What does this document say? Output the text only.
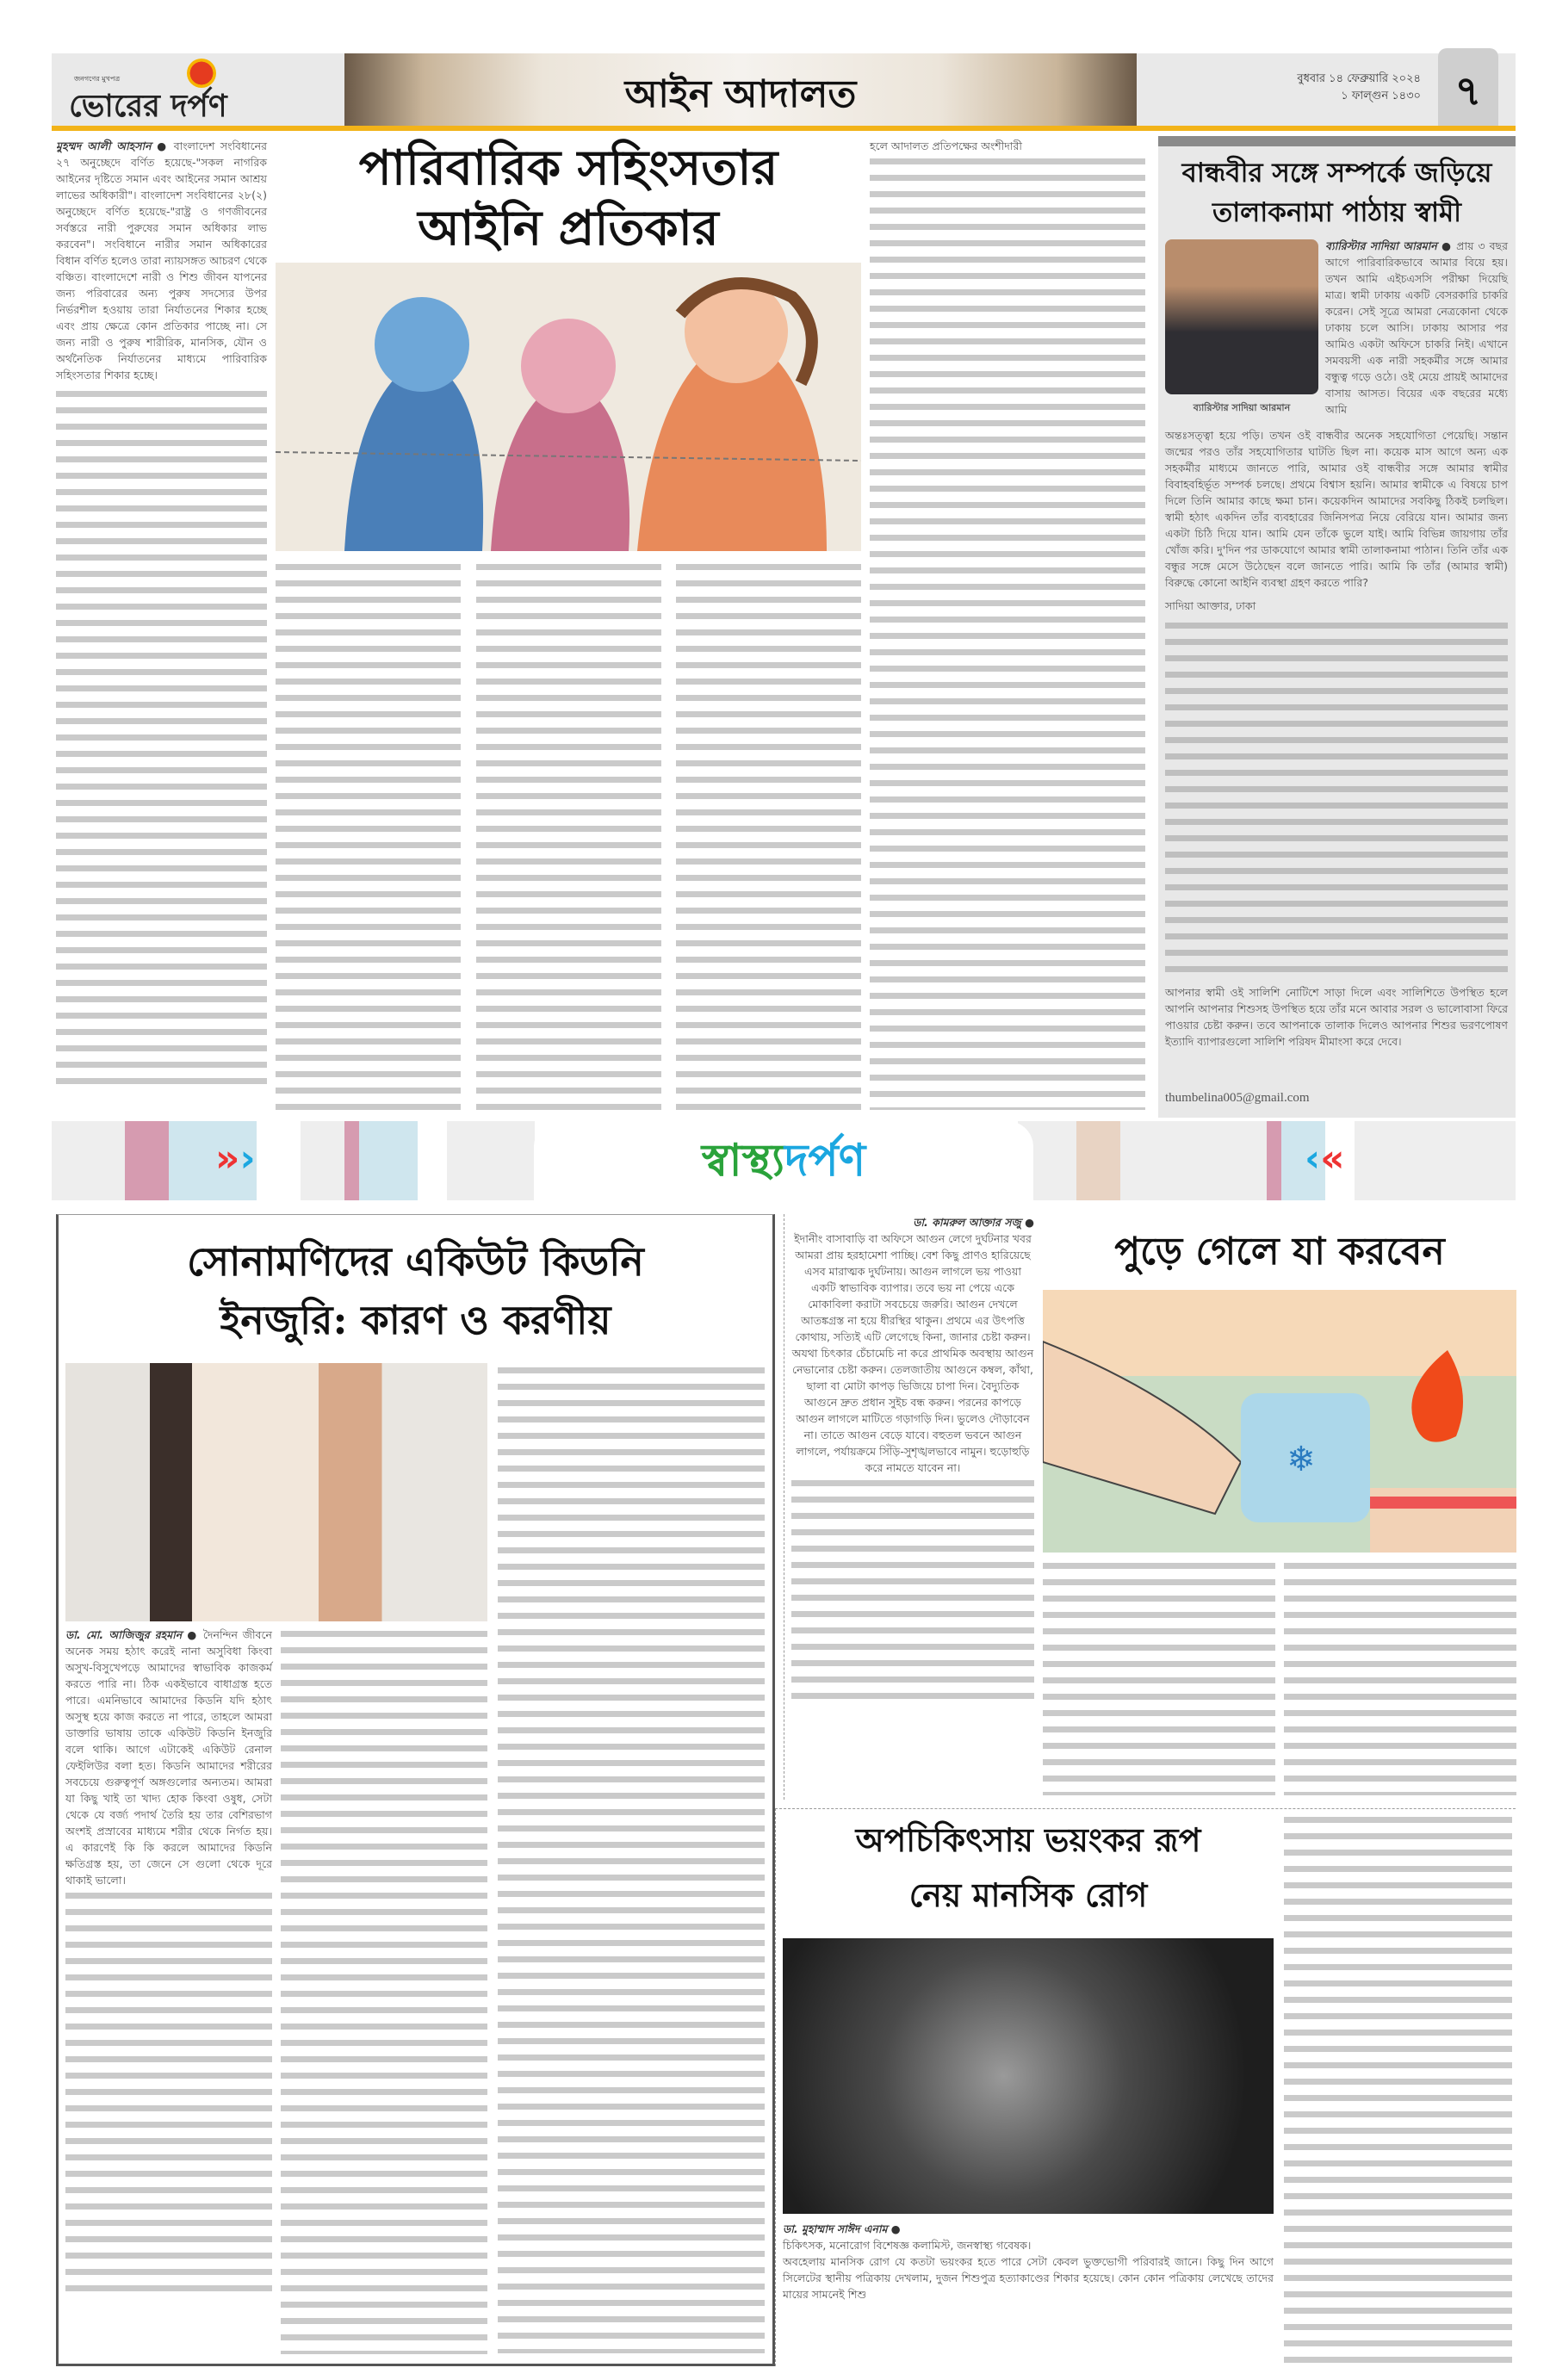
জনগণের মুখপত্র
ভোরের দর্পণ	আইন আদালত	বুধবার ১৪ ফেব্রুয়ারি ২০২৪
১ ফাল্গুন ১৪৩০ ৭
মুহম্মদ আলী আহসান ● বাংলাদেশ সংবিধানের ২৭ অনুচ্ছেদে বর্ণিত হয়েছে-"সকল নাগরিক আইনের দৃষ্টিতে সমান এবং আইনের সমান আশ্রয় লাভের অধিকারী"। বাংলাদেশ সংবিধানের ২৮(২) অনুচ্ছেদে বর্ণিত হয়েছে-"রাষ্ট্র ও গণজীবনের সর্বস্তরে নারী পুরুষের সমান অধিকার লাভ করবেন"। সংবিধানে নারীর সমান অধিকারের বিধান বর্ণিত হলেও তারা ন্যায়সঙ্গত আচরণ থেকে বঞ্চিত। বাংলাদেশে নারী ও শিশু জীবন যাপনের জন্য পরিবারের অন্য পুরুষ সদস্যের উপর নির্ভরশীল হওয়ায় তারা নির্যাতনের শিকার হচ্ছে এবং প্রায় ক্ষেত্রে কোন প্রতিকার পাচ্ছে না। সে জন্য নারী ও পুরুষ শারীরিক, মানসিক, যৌন ও অর্থনৈতিক নির্যাতনের মাধ্যমে পারিবারিক সহিংসতার শিকার হচ্ছে।
পারিবারিক সহিংসতার
আইনি প্রতিকার
হলে আদালত প্রতিপক্ষের অংশীদারী
বান্ধবীর সঙ্গে সম্পর্কে জড়িয়ে
তালাকনামা পাঠায় স্বামী
ব্যারিস্টার সাদিয়া আরমান
ব্যারিস্টার সাদিয়া আরমান ● প্রায় ৩ বছর আগে পারিবারিকভাবে আমার বিয়ে হয়। তখন আমি এইচএসসি পরীক্ষা দিয়েছি মাত্র। স্বামী ঢাকায় একটি বেসরকারি চাকরি করেন। সেই সূত্রে আমরা নেত্রকোনা থেকে ঢাকায় চলে আসি। ঢাকায় আসার পর আমিও একটা অফিসে চাকরি নিই। এখানে সমবয়সী এক নারী সহকর্মীর সঙ্গে আমার বন্ধুত্ব গড়ে ওঠে। ওই মেয়ে প্রায়ই আমাদের বাসায় আসত। বিয়ের এক বছরের মধ্যে আমি
অন্তঃসত্ত্বা হয়ে পড়ি। তখন ওই বান্ধবীর অনেক সহযোগিতা পেয়েছি। সন্তান জন্মের পরও তাঁর সহযোগিতার ঘাটতি ছিল না। কয়েক মাস আগে অন্য এক সহকর্মীর মাধ্যমে জানতে পারি, আমার ওই বান্ধবীর সঙ্গে আমার স্বামীর বিবাহবহির্ভূত সম্পর্ক চলছে। প্রথমে বিশ্বাস হয়নি। আমার স্বামীকে এ বিষয়ে চাপ দিলে তিনি আমার কাছে ক্ষমা চান। কয়েকদিন আমাদের সবকিছু ঠিকই চলছিল। স্বামী হঠাৎ একদিন তাঁর ব্যবহারের জিনিসপত্র নিয়ে বেরিয়ে যান। আমার জন্য একটা চিঠি দিয়ে যান। আমি যেন তাঁকে ভুলে যাই। আমি বিভিন্ন জায়গায় তাঁর খোঁজ করি। দু'দিন পর ডাকযোগে আমার স্বামী তালাকনামা পাঠান। তিনি তাঁর এক বন্ধুর সঙ্গে মেসে উঠেছেন বলে জানতে পারি। আমি কি তাঁর (আমার স্বামী) বিরুদ্ধে কোনো আইনি ব্যবস্থা গ্রহণ করতে পারি?
সাদিয়া আক্তার, ঢাকা
আপনার স্বামী ওই সালিশি নোটিশে সাড়া দিলে এবং সালিশিতে উপস্থিত হলে আপনি আপনার শিশুসহ উপস্থিত হয়ে তাঁর মনে আবার সরল ও ভালোবাসা ফিরে পাওয়ার চেষ্টা করুন। তবে আপনাকে তালাক দিলেও আপনার শিশুর ভরণপোষণ ইত্যাদি ব্যাপারগুলো সালিশি পরিষদ মীমাংসা করে দেবে।
thumbelina005@gmail.com
»›	স্বাস্থ্যদর্পণ	‹«
সোনামণিদের একিউট কিডনি
ইনজুরি: কারণ ও করণীয়
ডা. মো. আজিজুর রহমান ● দৈনন্দিন জীবনে অনেক সময় হঠাৎ করেই নানা অসুবিধা কিংবা অসুখ-বিসুখেপড়ে আমাদের স্বাভাবিক কাজকর্ম করতে পারি না। ঠিক একইভাবে বাধাগ্রস্ত হতে পারে। এমনিভাবে আমাদের কিডনি যদি হঠাৎ অসুস্থ হয়ে কাজ করতে না পারে, তাহলে আমরা ডাক্তারি ভাষায় তাকে একিউট কিডনি ইনজুরি বলে থাকি। আগে এটাকেই একিউট রেনাল ফেইলিউর বলা হত। কিডনি আমাদের শরীরের সবচেয়ে গুরুত্বপূর্ণ অঙ্গগুলোর অন্যতম। আমরা যা কিছু খাই তা খাদ্য হোক কিংবা ওষুধ, সেটা থেকে যে বর্জ্য পদার্থ তৈরি হয় তার বেশিরভাগ অংশই প্রস্রাবের মাধ্যমে শরীর থেকে নির্গত হয়। এ কারণেই কি কি করলে আমাদের কিডনি ক্ষতিগ্রস্ত হয়, তা জেনে সে গুলো থেকে দূরে থাকাই ভালো।
ডা. কামরুল আক্তার সজু ●
ইদানীং বাসাবাড়ি বা অফিসে আগুন লেগে দুর্ঘটনার খবর আমরা প্রায় হরহামেশা পাচ্ছি। বেশ কিছু প্রাণও হারিয়েছে এসব মারাত্মক দুর্ঘটনায়। আগুন লাগলে ভয় পাওয়া একটি স্বাভাবিক ব্যাপার। তবে ভয় না পেয়ে একে মোকাবিলা করাটা সবচেয়ে জরুরি। আগুন দেখলে আতঙ্কগ্রস্ত না হয়ে ধীরস্থির থাকুন। প্রথমে এর উৎপত্তি কোথায়, সত্যিই এটি লেগেছে কিনা, জানার চেষ্টা করুন। অযথা চিৎকার চেঁচামেচি না করে প্রাথমিক অবস্থায় আগুন নেভানোর চেষ্টা করুন। তেলজাতীয় আগুনে কম্বল, কাঁথা, ছালা বা মোটা কাপড় ভিজিয়ে চাপা দিন। বৈদ্যুতিক আগুনে দ্রুত প্রধান সুইচ বন্ধ করুন। পরনের কাপড়ে আগুন লাগলে মাটিতে গড়াগড়ি দিন। ভুলেও দৌড়াবেন না। তাতে আগুন বেড়ে যাবে। বহুতল ভবনে আগুন লাগলে, পর্যায়ক্রমে সিঁড়ি-সুশৃঙ্খলভাবে নামুন। হুড়োহুড়ি করে নামতে যাবেন না।
পুড়ে গেলে যা করবেন
❄
অপচিকিৎসায় ভয়ংকর রূপ
নেয় মানসিক রোগ
ডা. মুহাম্মাদ সাঈদ এনাম ●
চিকিৎসক, মনোরোগ বিশেষজ্ঞ কলামিস্ট, জনস্বাস্থ্য গবেষক।
অবহেলায় মানসিক রোগ যে কতটা ভয়ংকর হতে পারে সেটা কেবল ভুক্তভোগী পরিবারই জানে। কিছু দিন আগে সিলেটের স্থানীয় পত্রিকায় দেখলাম, দুজন শিশুপুত্র হত্যাকাণ্ডের শিকার হয়েছে। কোন কোন পত্রিকায় লেখেছে তাদের মায়ের সামনেই শিশু
